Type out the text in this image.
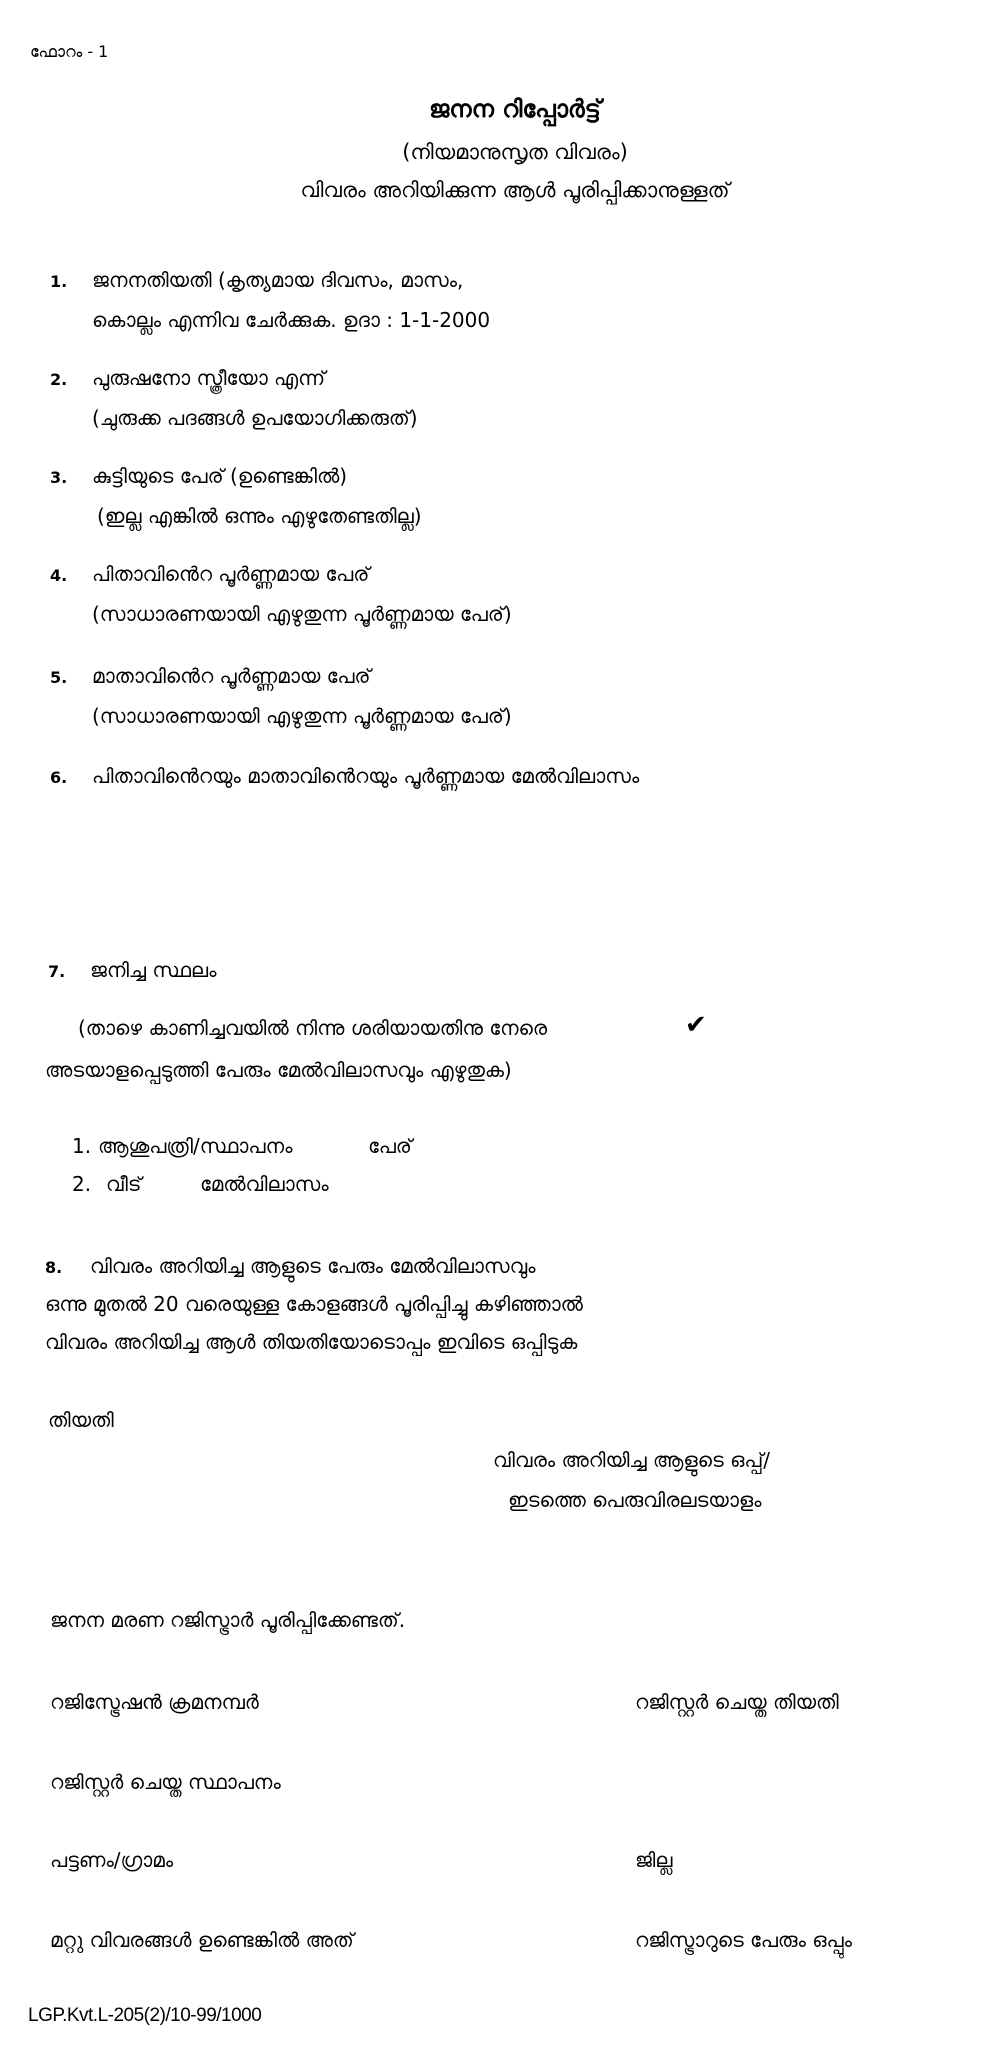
ഫോറം - 1
ജനന റിപ്പോർട്ട്
(നിയമാനുസൃത വിവരം)
വിവരം അറിയിക്കുന്ന ആൾ പൂരിപ്പിക്കാനുള്ളത്
1. ജനനതിയതി (കൃത്യമായ ദിവസം, മാസം,
കൊല്ലം എന്നിവ ചേർക്കുക. ഉദാ : 1-1-2000
2. പുരുഷനോ സ്ത്രീയോ എന്ന്
(ചുരുക്ക പദങ്ങൾ ഉപയോഗിക്കരുത്)
3. കുട്ടിയുടെ പേര് (ഉണ്ടെങ്കിൽ)
(ഇല്ല എങ്കിൽ ഒന്നും എഴുതേണ്ടതില്ല)
4. പിതാവിൻെറ പൂർണ്ണമായ പേര്
(സാധാരണയായി എഴുതുന്ന പൂർണ്ണമായ പേര്)
5. മാതാവിൻെറ പൂർണ്ണമായ പേര്
(സാധാരണയായി എഴുതുന്ന പൂർണ്ണമായ പേര്)
6. പിതാവിൻെറയും മാതാവിൻെറയും പൂർണ്ണമായ മേൽവിലാസം
7. ജനിച്ച സ്ഥലം
(താഴെ കാണിച്ചവയിൽ നിന്നു ശരിയായതിനു നേരെ	✔
അടയാളപ്പെടുത്തി പേരും മേൽവിലാസവും എഴുതുക)
1. ആശുപത്രി/സ്ഥാപനം	പേര്
2. വീട്	മേൽവിലാസം
8. വിവരം അറിയിച്ച ആളുടെ പേരും മേൽവിലാസവും
ഒന്നു മുതൽ 20 വരെയുള്ള കോളങ്ങൾ പൂരിപ്പിച്ചു കഴിഞ്ഞാൽ
വിവരം അറിയിച്ച ആൾ തിയതിയോടൊപ്പം ഇവിടെ ഒപ്പിടുക
തിയതി
വിവരം അറിയിച്ച ആളുടെ ഒപ്പ്/
ഇടത്തെ പെരുവിരലടയാളം
ജനന മരണ റജിസ്ട്രാർ പൂരിപ്പിക്കേണ്ടത്.
റജിസ്ട്രേഷൻ ക്രമനമ്പർ	റജിസ്റ്റർ ചെയ്ത തിയതി
റജിസ്റ്റർ ചെയ്ത സ്ഥാപനം
പട്ടണം/ഗ്രാമം	ജില്ല
മറ്റു വിവരങ്ങൾ ഉണ്ടെങ്കിൽ അത്	റജിസ്ട്രാറുടെ പേരും ഒപ്പും
LGP.Kvt.L-205(2)/10-99/1000
